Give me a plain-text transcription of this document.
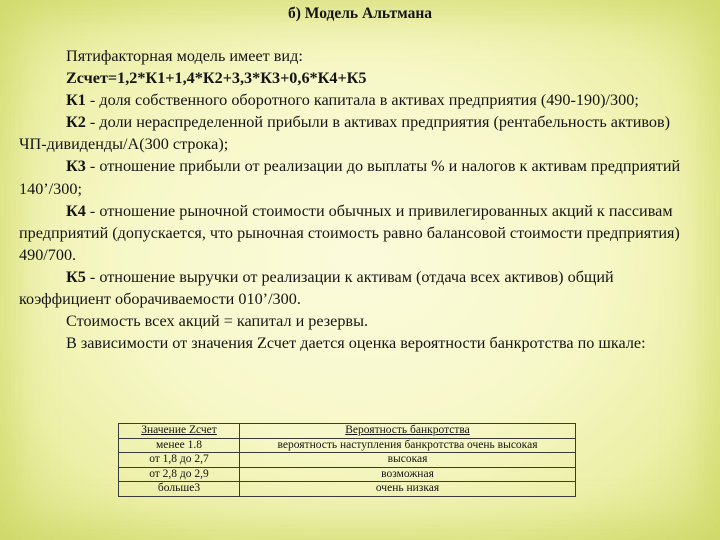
б) Модель Альтмана

Пятифакторная модель имеет вид:

Zсчет=1,2*К1+1,4*К2+3,3*К3+0,6*К4+К5

К1 - доля собственного оборотного капитала в активах предприятия (490-190)/300;

К2 - доли нераспределенной прибыли в активах предприятия (рентабельность активов) ЧП-дивиденды/А(300 строка);

К3 - отношение прибыли от реализации до выплаты % и налогов к активам предприятий 140’/300;

К4 - отношение рыночной стоимости обычных и привилегированных акций к пассивам предприятий (допускается, что рыночная стоимость равно балансовой стоимости предприятия) 490/700.

К5 - отношение выручки от реализации к активам (отдача всех активов) общий коэффициент оборачиваемости 010’/300.

Стоимость всех акций = капитал и резервы.

В зависимости от значения Zсчет дается оценка вероятности банкротства по шкале:

Значение Zсчет	Вероятность банкротства
менее 1.8	вероятность наступления банкротства очень высокая
от 1,8 до 2,7	высокая
от 2,8 до 2,9	возможная
больше3	очень низкая
